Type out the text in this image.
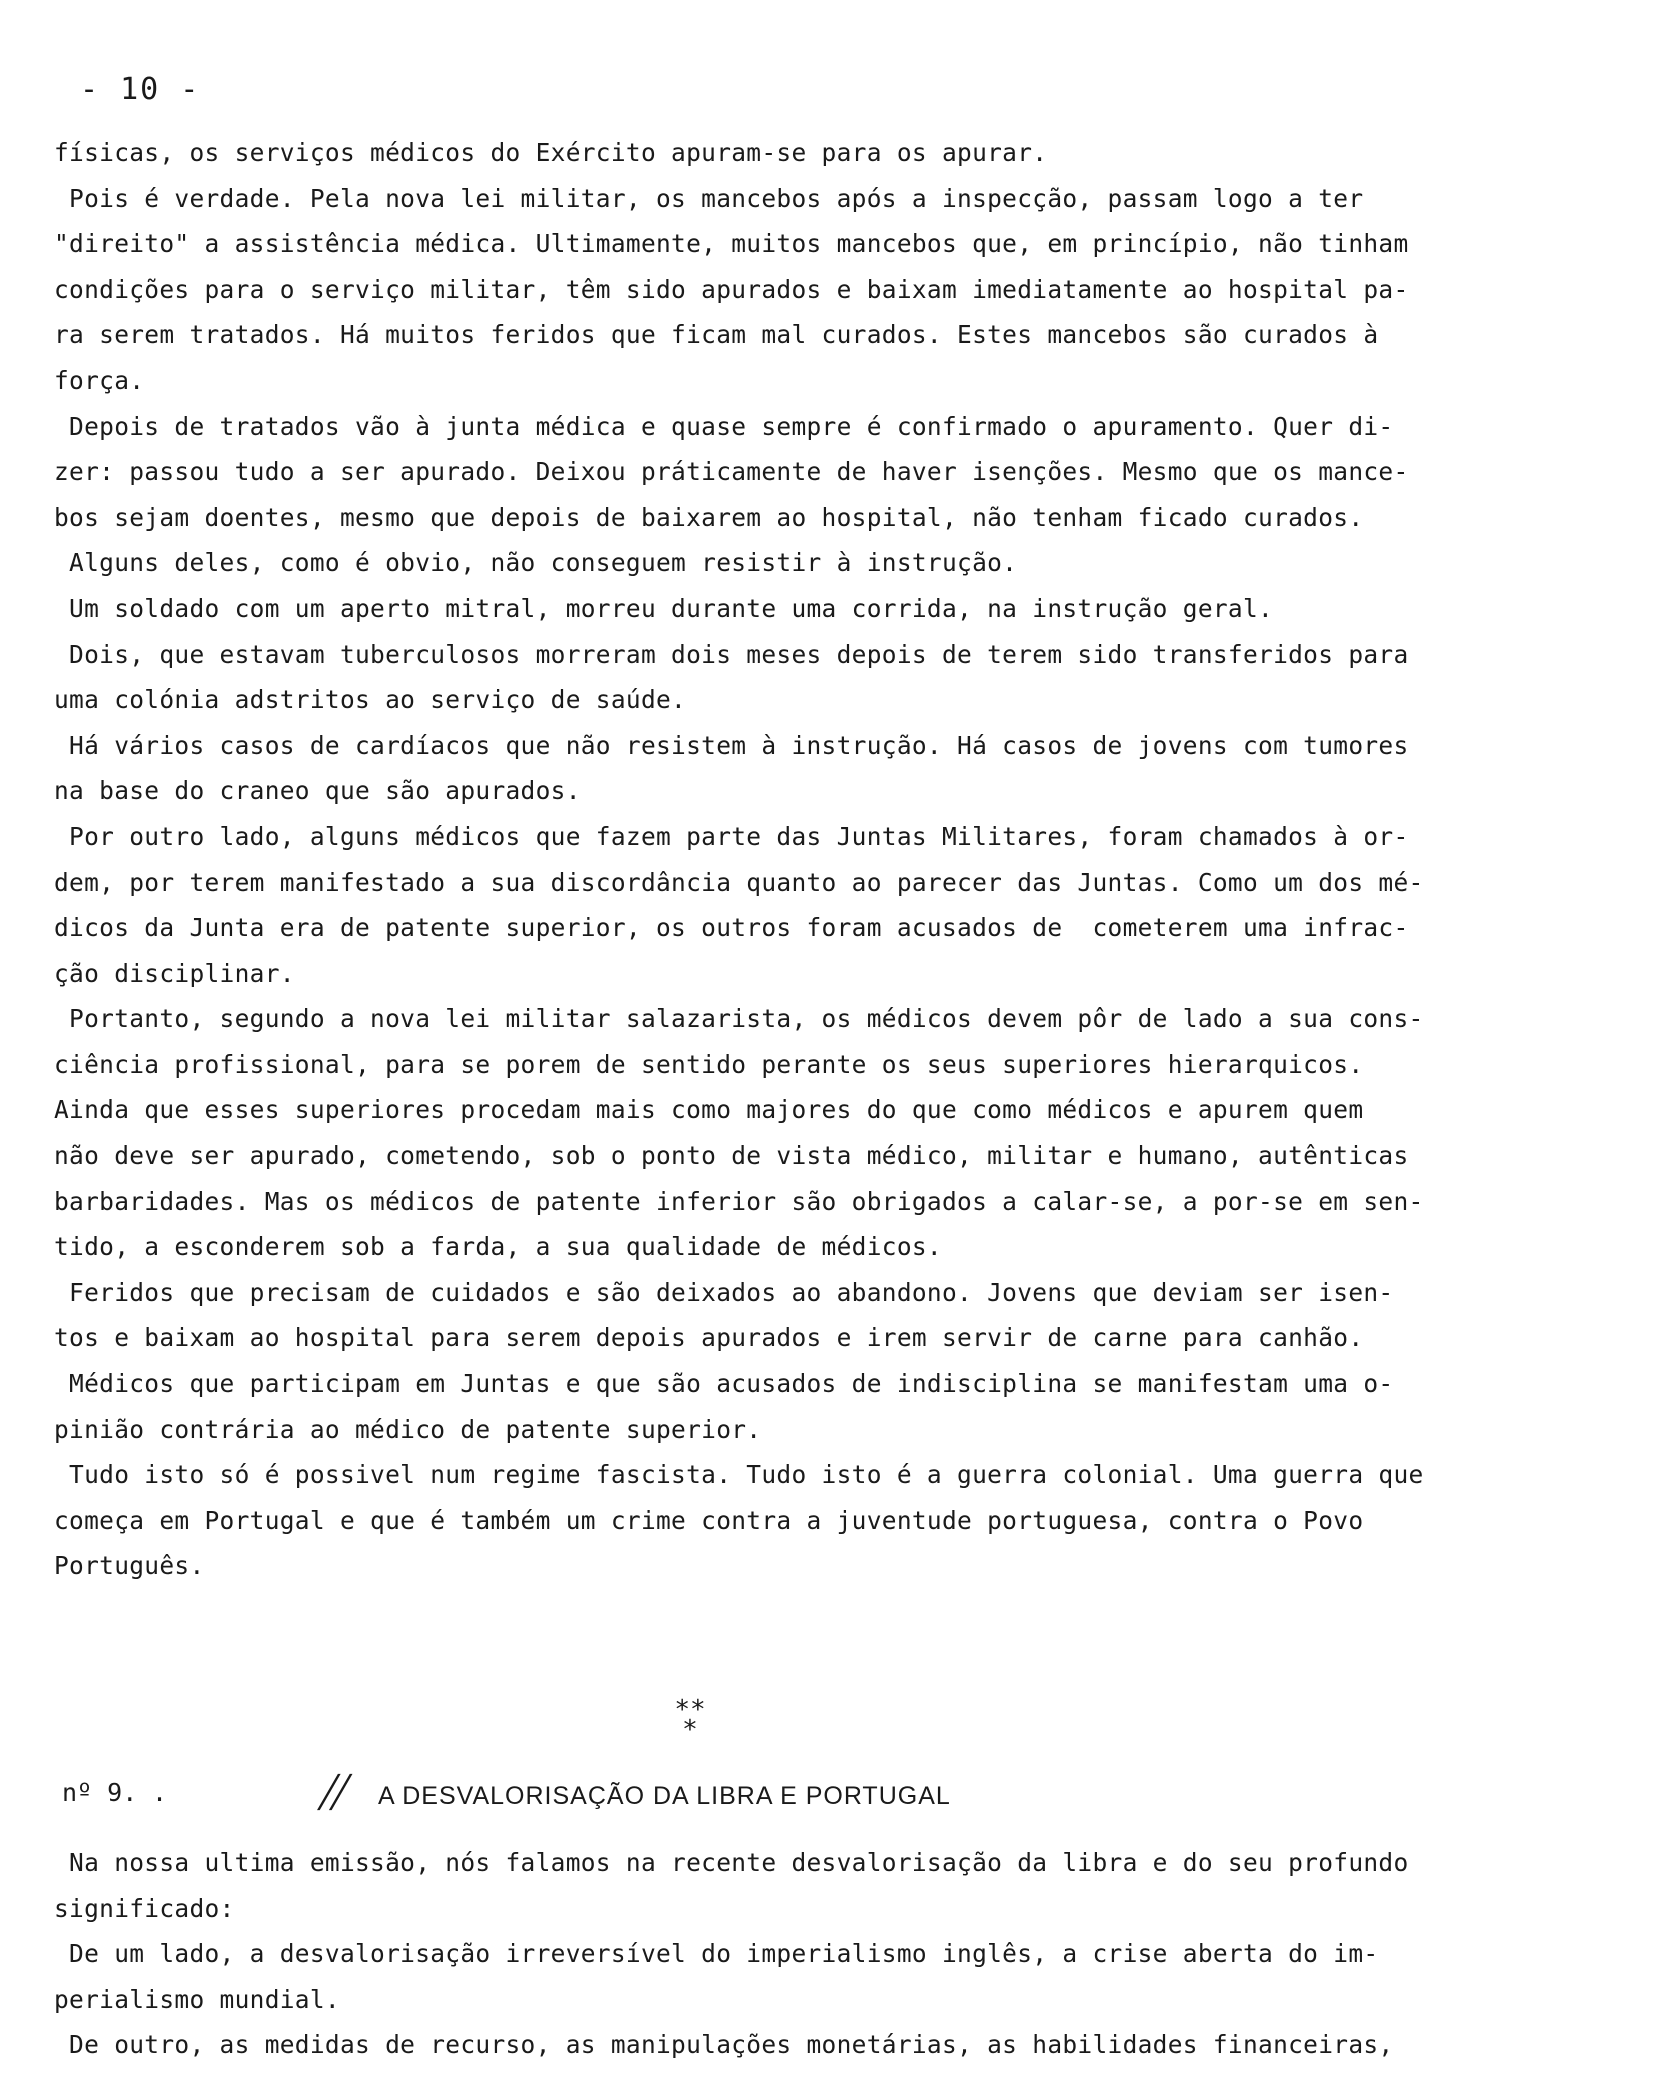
- 10 -
físicas, os serviços médicos do Exército apuram-se para os apurar.
Pois é verdade. Pela nova lei militar, os mancebos após a inspecção, passam logo a ter
"direito" a assistência médica. Ultimamente, muitos mancebos que, em princípio, não tinham
condições para o serviço militar, têm sido apurados e baixam imediatamente ao hospital pa-
ra serem tratados. Há muitos feridos que ficam mal curados. Estes mancebos são curados à
força.
Depois de tratados vão à junta médica e quase sempre é confirmado o apuramento. Quer di-
zer: passou tudo a ser apurado. Deixou práticamente de haver isenções. Mesmo que os mance-
bos sejam doentes, mesmo que depois de baixarem ao hospital, não tenham ficado curados.
Alguns deles, como é obvio, não conseguem resistir à instrução.
Um soldado com um aperto mitral, morreu durante uma corrida, na instrução geral.
Dois, que estavam tuberculosos morreram dois meses depois de terem sido transferidos para
uma colónia adstritos ao serviço de saúde.
Há vários casos de cardíacos que não resistem à instrução. Há casos de jovens com tumores
na base do craneo que são apurados.
Por outro lado, alguns médicos que fazem parte das Juntas Militares, foram chamados à or-
dem, por terem manifestado a sua discordância quanto ao parecer das Juntas. Como um dos mé-
dicos da Junta era de patente superior, os outros foram acusados de  cometerem uma infrac-
ção disciplinar.
Portanto, segundo a nova lei militar salazarista, os médicos devem pôr de lado a sua cons-
ciência profissional, para se porem de sentido perante os seus superiores hierarquicos.
Ainda que esses superiores procedam mais como majores do que como médicos e apurem quem
não deve ser apurado, cometendo, sob o ponto de vista médico, militar e humano, autênticas
barbaridades. Mas os médicos de patente inferior são obrigados a calar-se, a por-se em sen-
tido, a esconderem sob a farda, a sua qualidade de médicos.
Feridos que precisam de cuidados e são deixados ao abandono. Jovens que deviam ser isen-
tos e baixam ao hospital para serem depois apurados e irem servir de carne para canhão.
Médicos que participam em Juntas e que são acusados de indisciplina se manifestam uma o-
pinião contrária ao médico de patente superior.
Tudo isto só é possivel num regime fascista. Tudo isto é a guerra colonial. Uma guerra que
começa em Portugal e que é também um crime contra a juventude portuguesa, contra o Povo
Português.
**
*
nº 9. .	// A DESVALORISAÇÃO DA LIBRA E PORTUGAL
Na nossa ultima emissão, nós falamos na recente desvalorisação da libra e do seu profundo
significado:
De um lado, a desvalorisação irreversível do imperialismo inglês, a crise aberta do im-
perialismo mundial.
De outro, as medidas de recurso, as manipulações monetárias, as habilidades financeiras,
